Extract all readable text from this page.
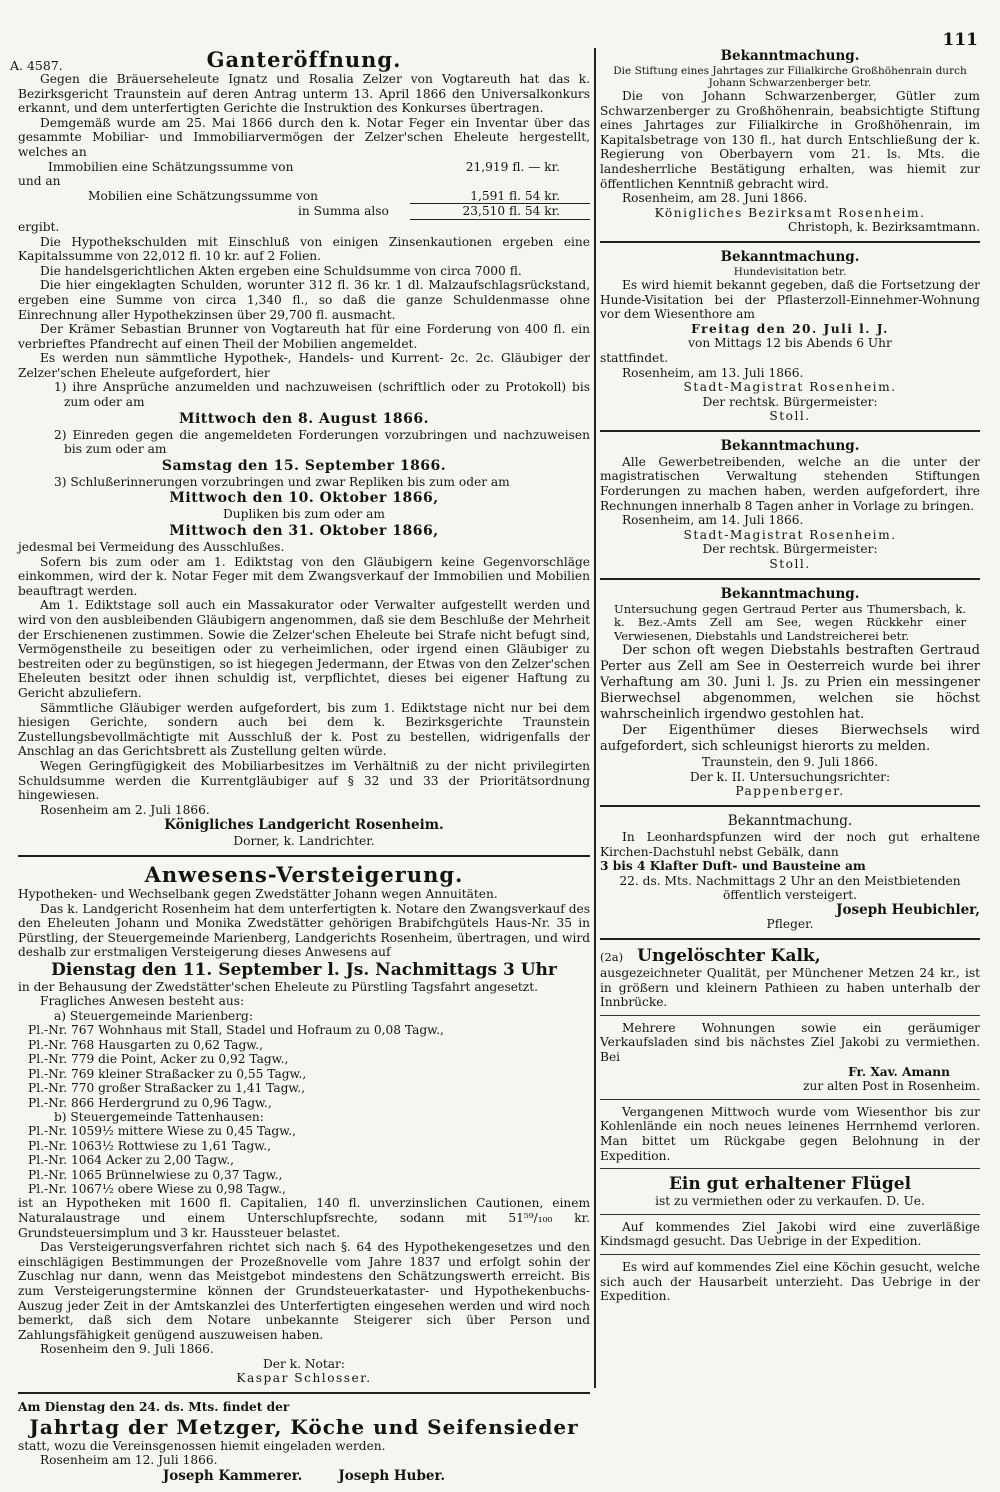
111
A. 4587.	Ganteröffnung.

Gegen die Bräuerseheleute Ignatz und Rosalia Zelzer von Vogtareuth hat das k. Bezirksgericht Traunstein auf deren Antrag unterm 13. April 1866 den Universalkonkurs erkannt, und dem unterfertigten Gerichte die Instruktion des Konkurses übertragen.

Demgemäß wurde am 25. Mai 1866 durch den k. Notar Feger ein Inventar über das gesammte Mobiliar- und Immobiliarvermögen der Zelzer'schen Eheleute hergestellt, welches an

Immobilien eine Schätzungssumme von	21,919 fl. — kr.

und an

Mobilien eine Schätzungssumme von	1,591 fl. 54 kr.
in Summa also	23,510 fl. 54 kr.

ergibt.

Die Hypothekschulden mit Einschluß von einigen Zinsenkautionen ergeben eine Kapitalssumme von 22,012 fl. 10 kr. auf 2 Folien.

Die handelsgerichtlichen Akten ergeben eine Schuldsumme von circa 7000 fl.

Die hier eingeklagten Schulden, worunter 312 fl. 36 kr. 1 dl. Malzaufschlagsrückstand, ergeben eine Summe von circa 1,340 fl., so daß die ganze Schuldenmasse ohne Einrechnung aller Hypothekzinsen über 29,700 fl. ausmacht.

Der Krämer Sebastian Brunner von Vogtareuth hat für eine Forderung von 400 fl. ein verbrieftes Pfandrecht auf einen Theil der Mobilien angemeldet.

Es werden nun sämmtliche Hypothek-, Handels- und Kurrent- 2c. 2c. Gläubiger der Zelzer'schen Eheleute aufgefordert, hier

1) ihre Ansprüche anzumelden und nachzuweisen (schriftlich oder zu Protokoll) bis zum oder am

Mittwoch den 8. August 1866.

2) Einreden gegen die angemeldeten Forderungen vorzubringen und nachzuweisen bis zum oder am

Samstag den 15. September 1866.

3) Schlußerinnerungen vorzubringen und zwar Repliken bis zum oder am

Mittwoch den 10. Oktober 1866,

Dupliken bis zum oder am

Mittwoch den 31. Oktober 1866,

jedesmal bei Vermeidung des Ausschlußes.

Sofern bis zum oder am 1. Ediktstag von den Gläubigern keine Gegenvorschläge einkommen, wird der k. Notar Feger mit dem Zwangsverkauf der Immobilien und Mobilien beauftragt werden.

Am 1. Ediktstage soll auch ein Massakurator oder Verwalter aufgestellt werden und wird von den ausbleibenden Gläubigern angenommen, daß sie dem Beschluße der Mehrheit der Erschienenen zustimmen. Sowie die Zelzer'schen Eheleute bei Strafe nicht befugt sind, Vermögenstheile zu beseitigen oder zu verheimlichen, oder irgend einen Gläubiger zu bestreiten oder zu begünstigen, so ist hiegegen Jedermann, der Etwas von den Zelzer'schen Eheleuten besitzt oder ihnen schuldig ist, verpflichtet, dieses bei eigener Haftung zu Gericht abzuliefern.

Sämmtliche Gläubiger werden aufgefordert, bis zum 1. Ediktstage nicht nur bei dem hiesigen Gerichte, sondern auch bei dem k. Bezirksgerichte Traunstein Zustellungsbevollmächtigte mit Ausschluß der k. Post zu bestellen, widrigenfalls der Anschlag an das Gerichtsbrett als Zustellung gelten würde.

Wegen Geringfügigkeit des Mobiliarbesitzes im Verhältniß zu der nicht privilegirten Schuldsumme werden die Kurrentgläubiger auf § 32 und 33 der Prioritätsordnung hingewiesen.

Rosenheim am 2. Juli 1866.

Königliches Landgericht Rosenheim.
Dorner, k. Landrichter.
Anwesens-Versteigerung.

Hypotheken- und Wechselbank gegen Zwedstätter Johann wegen Annuitäten.

Das k. Landgericht Rosenheim hat dem unterfertigten k. Notare den Zwangsverkauf des den Eheleuten Johann und Monika Zwedstätter gehörigen Brabifchgütels Haus-Nr. 35 in Pürstling, der Steuergemeinde Marienberg, Landgerichts Rosenheim, übertragen, und wird deshalb zur erstmaligen Versteigerung dieses Anwesens auf

Dienstag den 11. September l. Js. Nachmittags 3 Uhr

in der Behausung der Zwedstätter'schen Eheleute zu Pürstling Tagsfahrt angesetzt.

Fragliches Anwesen besteht aus:

a) Steuergemeinde Marienberg:

Pl.-Nr. 767 Wohnhaus mit Stall, Stadel und Hofraum zu 0,08 Tagw.,
Pl.-Nr. 768 Hausgarten zu 0,62 Tagw.,
Pl.-Nr. 779 die Point, Acker zu 0,92 Tagw.,
Pl.-Nr. 769 kleiner Straßacker zu 0,55 Tagw.,
Pl.-Nr. 770 großer Straßacker zu 1,41 Tagw.,
Pl.-Nr. 866 Herdergrund zu 0,96 Tagw.,

b) Steuergemeinde Tattenhausen:

Pl.-Nr. 1059½ mittere Wiese zu 0,45 Tagw.,
Pl.-Nr. 1063½ Rottwiese zu 1,61 Tagw.,
Pl.-Nr. 1064 Acker zu 2,00 Tagw.,
Pl.-Nr. 1065 Brünnelwiese zu 0,37 Tagw.,
Pl.-Nr. 1067½ obere Wiese zu 0,98 Tagw.,

ist an Hypotheken mit 1600 fl. Capitalien, 140 fl. unverzinslichen Cautionen, einem Naturalaustrage und einem Unterschlupfsrechte, sodann mit 51⁵⁹/₁₀₀ kr. Grundsteuersimplum und 3 kr. Haussteuer belastet.

Das Versteigerungsverfahren richtet sich nach §. 64 des Hypothekengesetzes und den einschlägigen Bestimmungen der Prozeßnovelle vom Jahre 1837 und erfolgt sohin der Zuschlag nur dann, wenn das Meistgebot mindestens den Schätzungswerth erreicht. Bis zum Versteigerungstermine können der Grundsteuerkataster- und Hypothekenbuchs-Auszug jeder Zeit in der Amtskanzlei des Unterfertigten eingesehen werden und wird noch bemerkt, daß sich dem Notare unbekannte Steigerer sich über Person und Zahlungsfähigkeit genügend auszuweisen haben.

Rosenheim den 9. Juli 1866.

Der k. Notar:
Kaspar Schlosser.

Am Dienstag den 24. ds. Mts. findet der

Jahrtag der Metzger, Köche und Seifensieder

statt, wozu die Vereinsgenossen hiemit eingeladen werden.

Rosenheim am 12. Juli 1866.

Joseph Kammerer.	Joseph Huber.
Bekanntmachung.
Die Stiftung eines Jahrtages zur Filialkirche Großhöhenrain durch Johann Schwarzenberger betr.

Die von Johann Schwarzenberger, Gütler zum Schwarzenberger zu Großhöhenrain, beabsichtigte Stiftung eines Jahrtages zur Filialkirche in Großhöhenrain, im Kapitalsbetrage von 130 fl., hat durch Entschließung der k. Regierung von Oberbayern vom 21. ls. Mts. die landesherrliche Bestätigung erhalten, was hiemit zur öffentlichen Kenntniß gebracht wird.

Rosenheim, am 28. Juni 1866.

Königliches Bezirksamt Rosenheim.
Christoph, k. Bezirksamtmann.
Bekanntmachung.
Hundevisitation betr.

Es wird hiemit bekannt gegeben, daß die Fortsetzung der Hunde-Visitation bei der Pflasterzoll-Einnehmer-Wohnung vor dem Wiesenthore am

Freitag den 20. Juli l. J.
von Mittags 12 bis Abends 6 Uhr

stattfindet.

Rosenheim, am 13. Juli 1866.

Stadt-Magistrat Rosenheim.
Der rechtsk. Bürgermeister:
Stoll.
Bekanntmachung.

Alle Gewerbetreibenden, welche an die unter der magistratischen Verwaltung stehenden Stiftungen Forderungen zu machen haben, werden aufgefordert, ihre Rechnungen innerhalb 8 Tagen anher in Vorlage zu bringen.

Rosenheim, am 14. Juli 1866.

Stadt-Magistrat Rosenheim.
Der rechtsk. Bürgermeister:
Stoll.
Bekanntmachung.

Untersuchung gegen Gertraud Perter aus Thumersbach, k. k. Bez.-Amts Zell am See, wegen Rückkehr einer Verwiesenen, Diebstahls und Landstreicherei betr.

Der schon oft wegen Diebstahls bestraften Gertraud Perter aus Zell am See in Oesterreich wurde bei ihrer Verhaftung am 30. Juni l. Js. zu Prien ein messingener Bierwechsel abgenommen, welchen sie höchst wahrscheinlich irgendwo gestohlen hat.

Der Eigenthümer dieses Bierwechsels wird aufgefordert, sich schleunigst hierorts zu melden.

Traunstein, den 9. Juli 1866.

Der k. II. Untersuchungsrichter:
Pappenberger.
Bekanntmachung.

In Leonhardspfunzen wird der noch gut erhaltene Kirchen-Dachstuhl nebst Gebälk, dann

3 bis 4 Klafter Duft- und Bausteine am

22. ds. Mts. Nachmittags 2 Uhr an den Meistbietenden öffentlich versteigert.

Joseph Heubichler,
Pfleger.
(2a) Ungelöschter Kalk,

ausgezeichneter Qualität, per Münchener Metzen 24 kr., ist in größern und kleinern Pathieen zu haben unterhalb der Innbrücke.

Mehrere Wohnungen sowie ein geräumiger Verkaufsladen sind bis nächstes Ziel Jakobi zu vermiethen. Bei

Fr. Xav. Amann
zur alten Post in Rosenheim.

Vergangenen Mittwoch wurde vom Wiesenthor bis zur Kohlenlände ein noch neues leinenes Herrnhemd verloren. Man bittet um Rückgabe gegen Belohnung in der Expedition.

Ein gut erhaltener Flügel

ist zu vermiethen oder zu verkaufen. D. Ue.

Auf kommendes Ziel Jakobi wird eine zuverläßige Kindsmagd gesucht. Das Uebrige in der Expedition.

Es wird auf kommendes Ziel eine Köchin gesucht, welche sich auch der Hausarbeit unterzieht. Das Uebrige in der Expedition.
